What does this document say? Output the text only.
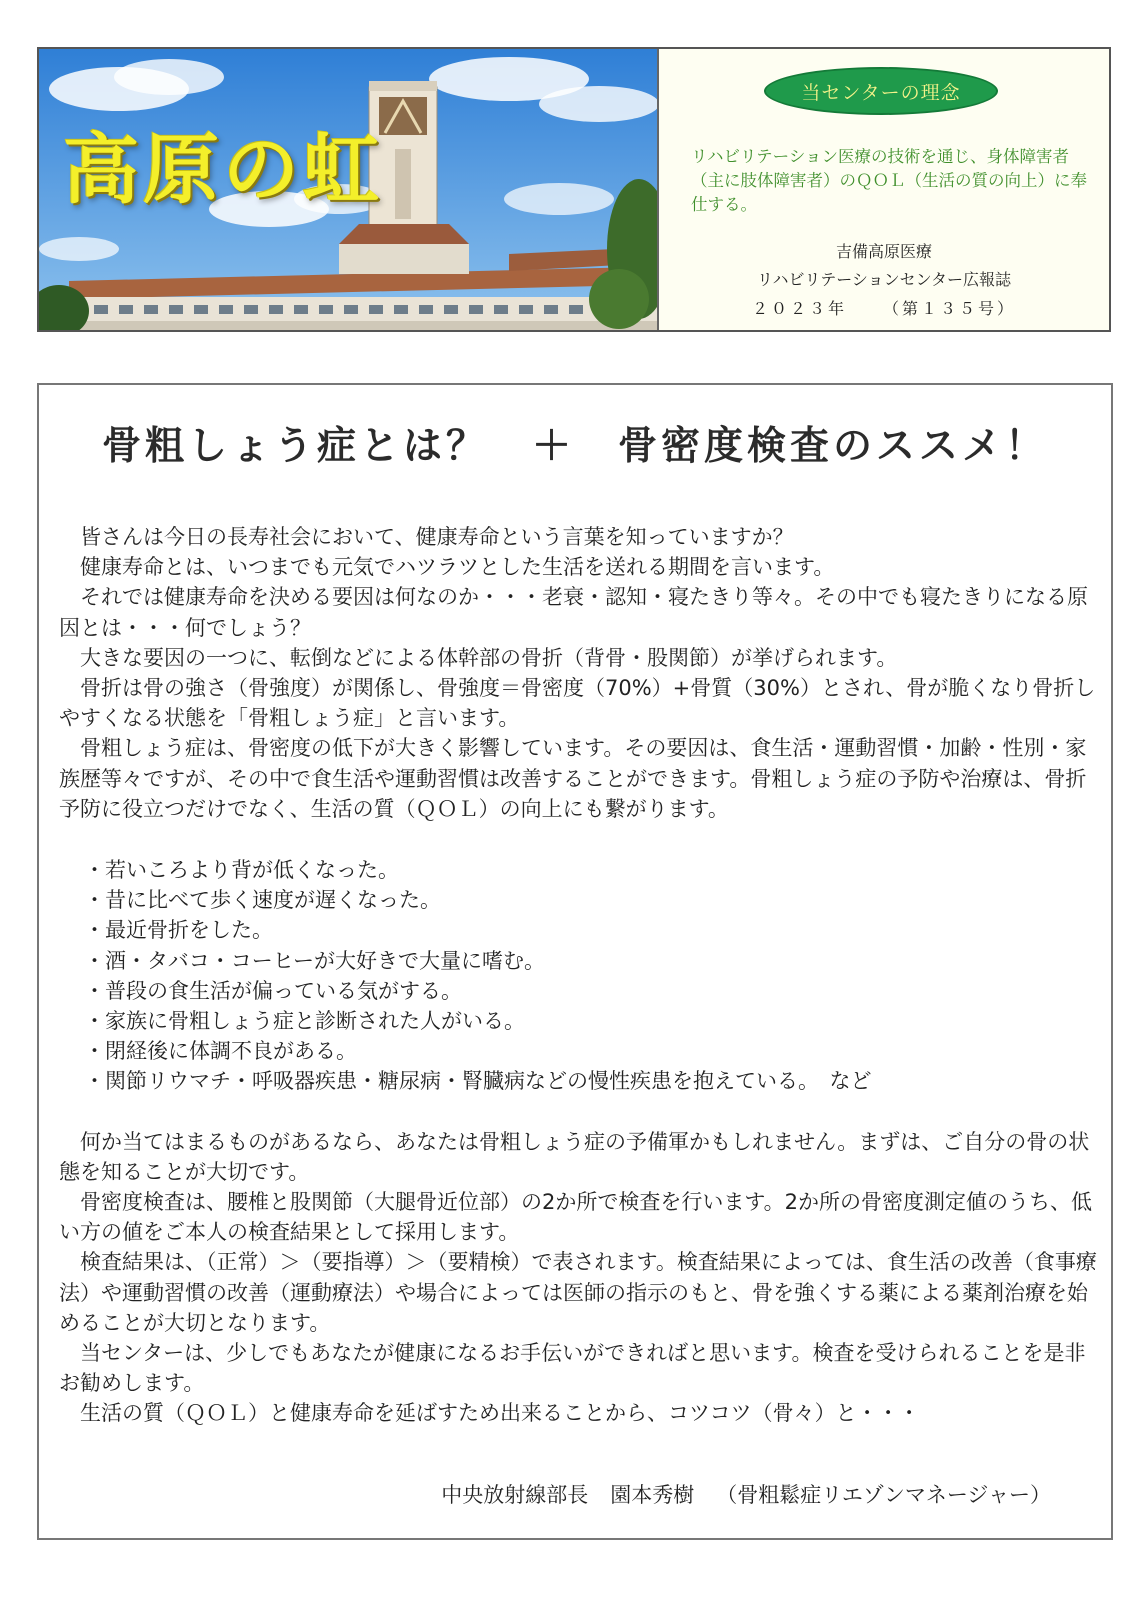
高原の虹
当センターの理念
リハビリテーション医療の技術を通じ、身体障害者（主に肢体障害者）のＱＯＬ（生活の質の向上）に奉仕する。
吉備高原医療
リハビリテーションセンター広報誌
２０２３年 （第１３５号）
骨粗しょう症とは？　＋　骨密度検査のススメ！

皆さんは今日の長寿社会において、健康寿命という言葉を知っていますか？

健康寿命とは、いつまでも元気でハツラツとした生活を送れる期間を言います。

それでは健康寿命を決める要因は何なのか・・・老衰・認知・寝たきり等々。その中でも寝たきりになる原因とは・・・何でしょう？

大きな要因の一つに、転倒などによる体幹部の骨折（背骨・股関節）が挙げられます。

骨折は骨の強さ（骨強度）が関係し、骨強度＝骨密度（70%）+骨質（30%）とされ、骨が脆くなり骨折しやすくなる状態を「骨粗しょう症」と言います。

骨粗しょう症は、骨密度の低下が大きく影響しています。その要因は、食生活・運動習慣・加齢・性別・家族歴等々ですが、その中で食生活や運動習慣は改善することができます。骨粗しょう症の予防や治療は、骨折予防に役立つだけでなく、生活の質（ＱＯＬ）の向上にも繋がります。

・若いころより背が低くなった。
・昔に比べて歩く速度が遅くなった。
・最近骨折をした。
・酒・タバコ・コーヒーが大好きで大量に嗜む。
・普段の食生活が偏っている気がする。
・家族に骨粗しょう症と診断された人がいる。
・閉経後に体調不良がある。
・関節リウマチ・呼吸器疾患・糖尿病・腎臓病などの慢性疾患を抱えている。　など

何か当てはまるものがあるなら、あなたは骨粗しょう症の予備軍かもしれません。まずは、ご自分の骨の状態を知ることが大切です。

骨密度検査は、腰椎と股関節（大腿骨近位部）の2か所で検査を行います。2か所の骨密度測定値のうち、低い方の値をご本人の検査結果として採用します。

検査結果は、（正常）＞（要指導）＞（要精検）で表されます。検査結果によっては、食生活の改善（食事療法）や運動習慣の改善（運動療法）や場合によっては医師の指示のもと、骨を強くする薬による薬剤治療を始めることが大切となります。

当センターは、少しでもあなたが健康になるお手伝いができればと思います。検査を受けられることを是非お勧めします。

生活の質（ＱＯＬ）と健康寿命を延ばすため出来ることから、コツコツ（骨々）と・・・

中央放射線部長 園本秀樹 （骨粗鬆症リエゾンマネージャー）
